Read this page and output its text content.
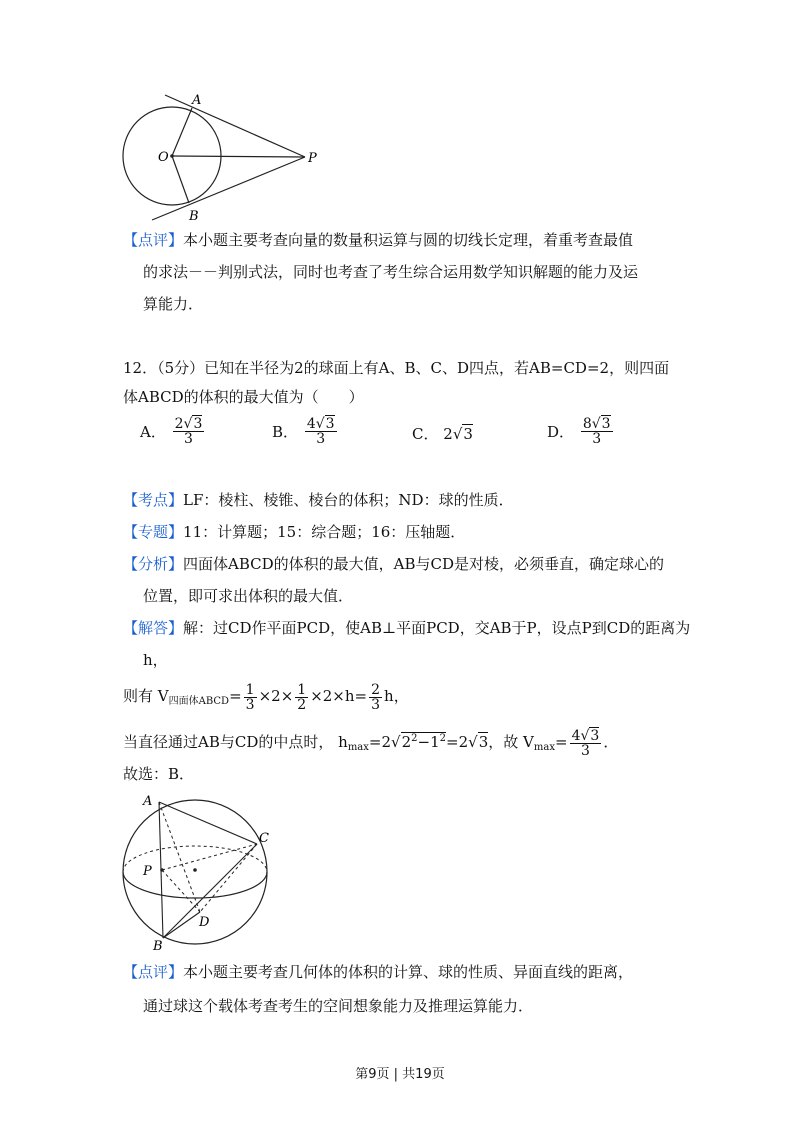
A
O	P
B
【点评】本小题主要考查向量的数量积运算与圆的切线长定理，着重考查最值
的求法－－判别式法，同时也考查了考生综合运用数学知识解题的能力及运
算能力．
12．（5分）已知在半径为2的球面上有A、B、C、D四点，若AB=CD=2，则四面
体ABCD的体积的最大值为（　　）
A． $\frac{2√3}{3}$	B． $\frac{4√3}{3}$	C． 2√3	D． $\frac{8√3}{3}$
【考点】LF：棱柱、棱锥、棱台的体积；ND：球的性质．
【专题】11：计算题；15：综合题；16：压轴题．
【分析】四面体ABCD的体积的最大值，AB与CD是对棱，必须垂直，确定球心的
位置，即可求出体积的最大值．
【解答】解：过CD作平面PCD，使AB⊥平面PCD，交AB于P，设点P到CD的距离为
h，
则有 $V_{四面体ABCD}= \frac{1}{3} \times 2\times \frac{1}{2} \times 2\times h= \frac{2}{3}$ h，
当直径通过AB与CD的中点时， $h_{max}=2√2^2-1^2=2√3$，故 $V_{max}= \frac{4√3}{3}$ ．
故选：B．
A
C
P
D
B
【点评】本小题主要考查几何体的体积的计算、球的性质、异面直线的距离，
通过球这个载体考查考生的空间想象能力及推理运算能力．
第9页 | 共19页
